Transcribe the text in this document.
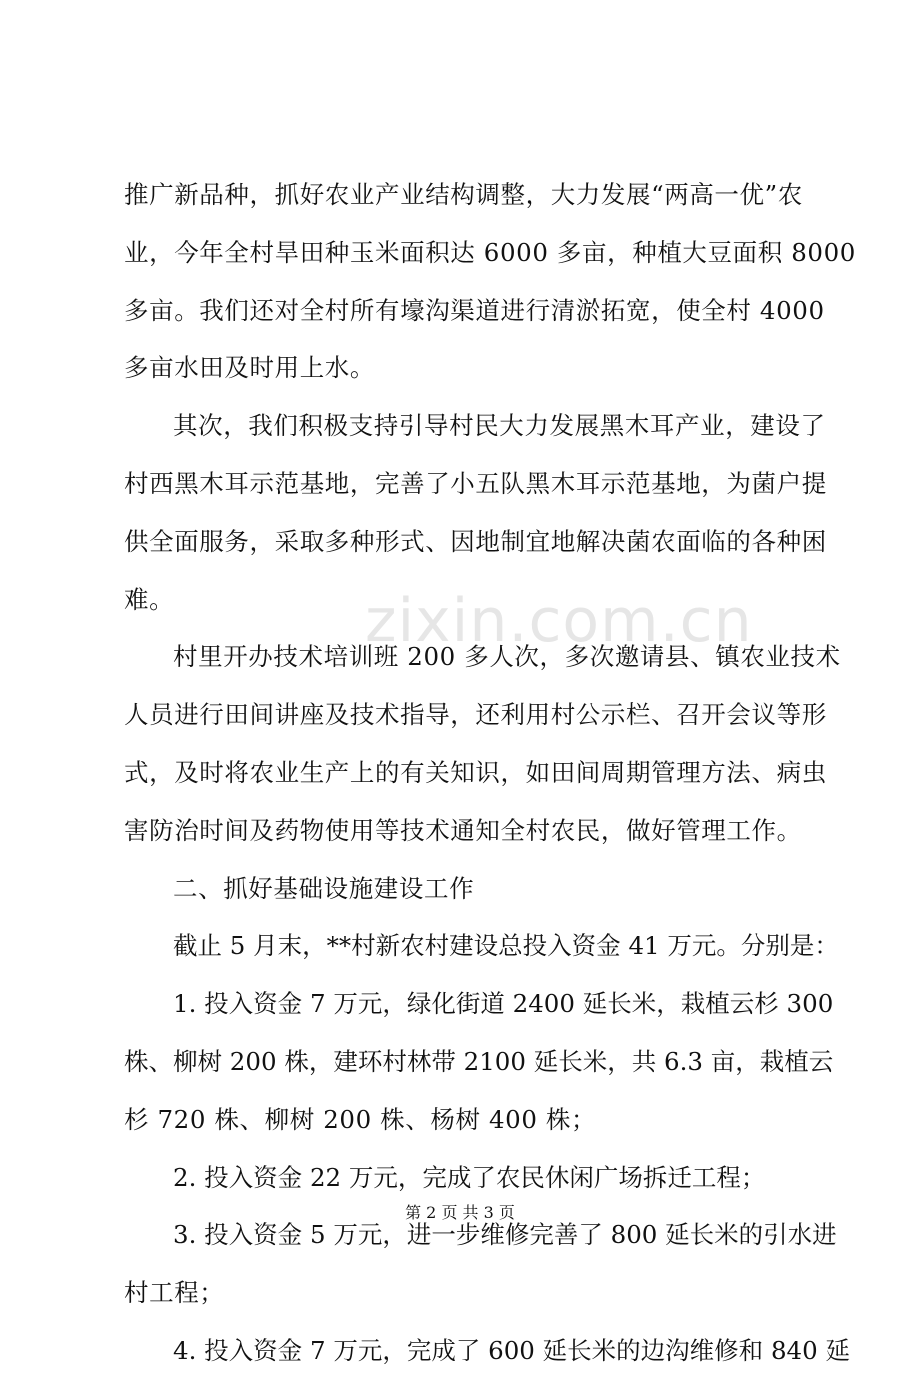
推广新品种，抓好农业产业结构调整，大力发展“两高一优”农
业，今年全村旱田种玉米面积达 6000 多亩，种植大豆面积 8000
多亩。我们还对全村所有壕沟渠道进行清淤拓宽，使全村 4000
多亩水田及时用上水。
其次，我们积极支持引导村民大力发展黑木耳产业，建设了
村西黑木耳示范基地，完善了小五队黑木耳示范基地，为菌户提
供全面服务，采取多种形式、因地制宜地解决菌农面临的各种困
难。
村里开办技术培训班 200 多人次，多次邀请县、镇农业技术
人员进行田间讲座及技术指导，还利用村公示栏、召开会议等形
式，及时将农业生产上的有关知识，如田间周期管理方法、病虫
害防治时间及药物使用等技术通知全村农民，做好管理工作。
二、抓好基础设施建设工作
截止 5 月末，**村新农村建设总投入资金 41 万元。分别是：
1. 投入资金 7 万元，绿化街道 2400 延长米，栽植云杉 300
株、柳树 200 株，建环村林带 2100 延长米，共 6.3 亩，栽植云
杉 720 株、柳树 200 株、杨树 400 株；
2. 投入资金 22 万元，完成了农民休闲广场拆迁工程；
3. 投入资金 5 万元，进一步维修完善了 800 延长米的引水进
村工程；
4. 投入资金 7 万元，完成了 600 延长米的边沟维修和 840 延
zixin.com.cn
第 2 页 共 3 页
